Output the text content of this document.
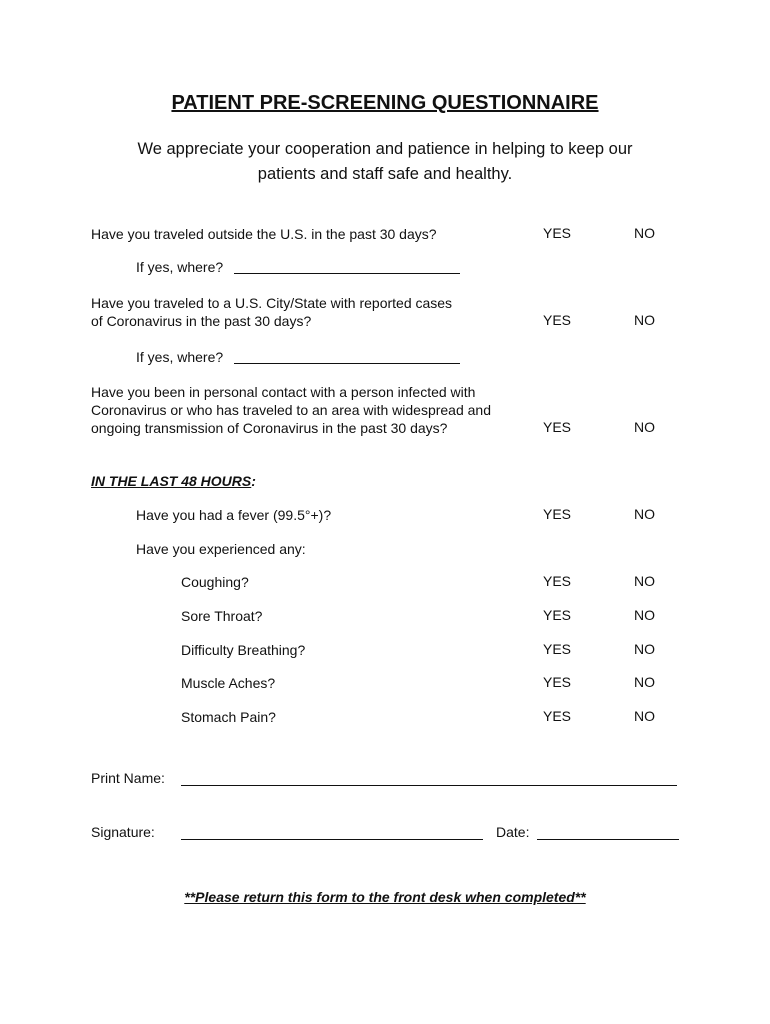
PATIENT PRE-SCREENING QUESTIONNAIRE
We appreciate your cooperation and patience in helping to keep our
patients and staff safe and healthy.
Have you traveled outside the U.S. in the past 30 days?	YES	NO
If yes, where?
Have you traveled to a U.S. City/State with reported cases
of Coronavirus in the past 30 days?	YES	NO
If yes, where?
Have you been in personal contact with a person infected with
Coronavirus or who has traveled to an area with widespread and
ongoing transmission of Coronavirus in the past 30 days?	YES	NO
IN THE LAST 48 HOURS:
Have you had a fever (99.5°+)?	YES	NO
Have you experienced any:
Coughing?	YES	NO
Sore Throat?	YES	NO
Difficulty Breathing?	YES	NO
Muscle Aches?	YES	NO
Stomach Pain?	YES	NO
Print Name:
Signature:	Date:
**Please return this form to the front desk when completed**
